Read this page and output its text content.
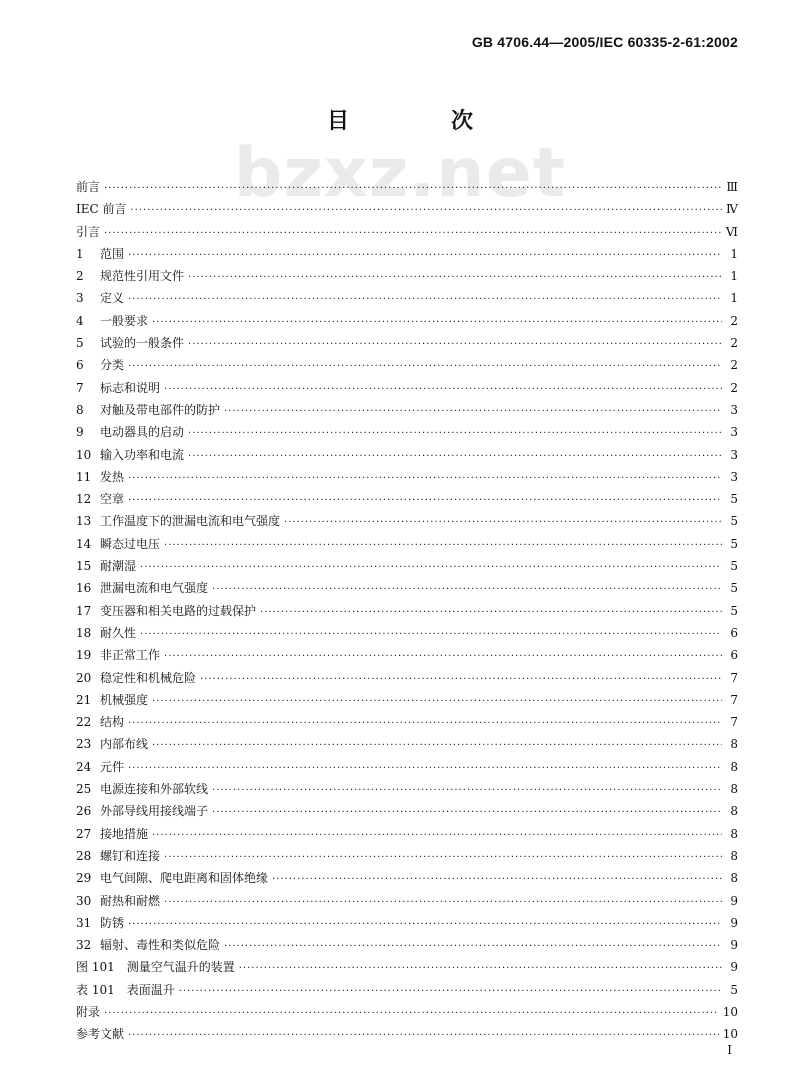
GB 4706.44—2005/IEC 60335-2-61:2002
bzxz.net
目　次
前言 ·····	Ⅲ
IEC 前言 ·····	Ⅳ
引言 ·····	Ⅵ
1	范围 ·····	1
2	规范性引用文件 ·····	1
3	定义 ·····	1
4	一般要求 ·····	2
5	试验的一般条件 ·····	2
6	分类 ·····	2
7	标志和说明 ·····	2
8	对触及带电部件的防护 ·····	3
9	电动器具的启动 ·····	3
10 输入功率和电流 ·····	3
11 发热 ·····	3
12 空章 ·····	5
13 工作温度下的泄漏电流和电气强度 ·····	5
14 瞬态过电压 ·····	5
15 耐潮湿 ·····	5
16 泄漏电流和电气强度 ·····	5
17 变压器和相关电路的过载保护 ·····	5
18 耐久性 ·····	6
19 非正常工作 ·····	6
20 稳定性和机械危险 ·····	7
21 机械强度 ·····	7
22 结构 ·····	7
23 内部布线 ·····	8
24 元件 ·····	8
25 电源连接和外部软线 ·····	8
26 外部导线用接线端子 ·····	8
27 接地措施 ·····	8
28 螺钉和连接 ·····	8
29 电气间隙、爬电距离和固体绝缘 ·····	8
30 耐热和耐燃 ·····	9
31 防锈 ·····	9
32 辐射、毒性和类似危险 ·····	9
图 101　测量空气温升的装置 ·····	9
表 101　表面温升 ·····	5
附录 ·····	10
参考文献 ·····	10
Ⅰ
